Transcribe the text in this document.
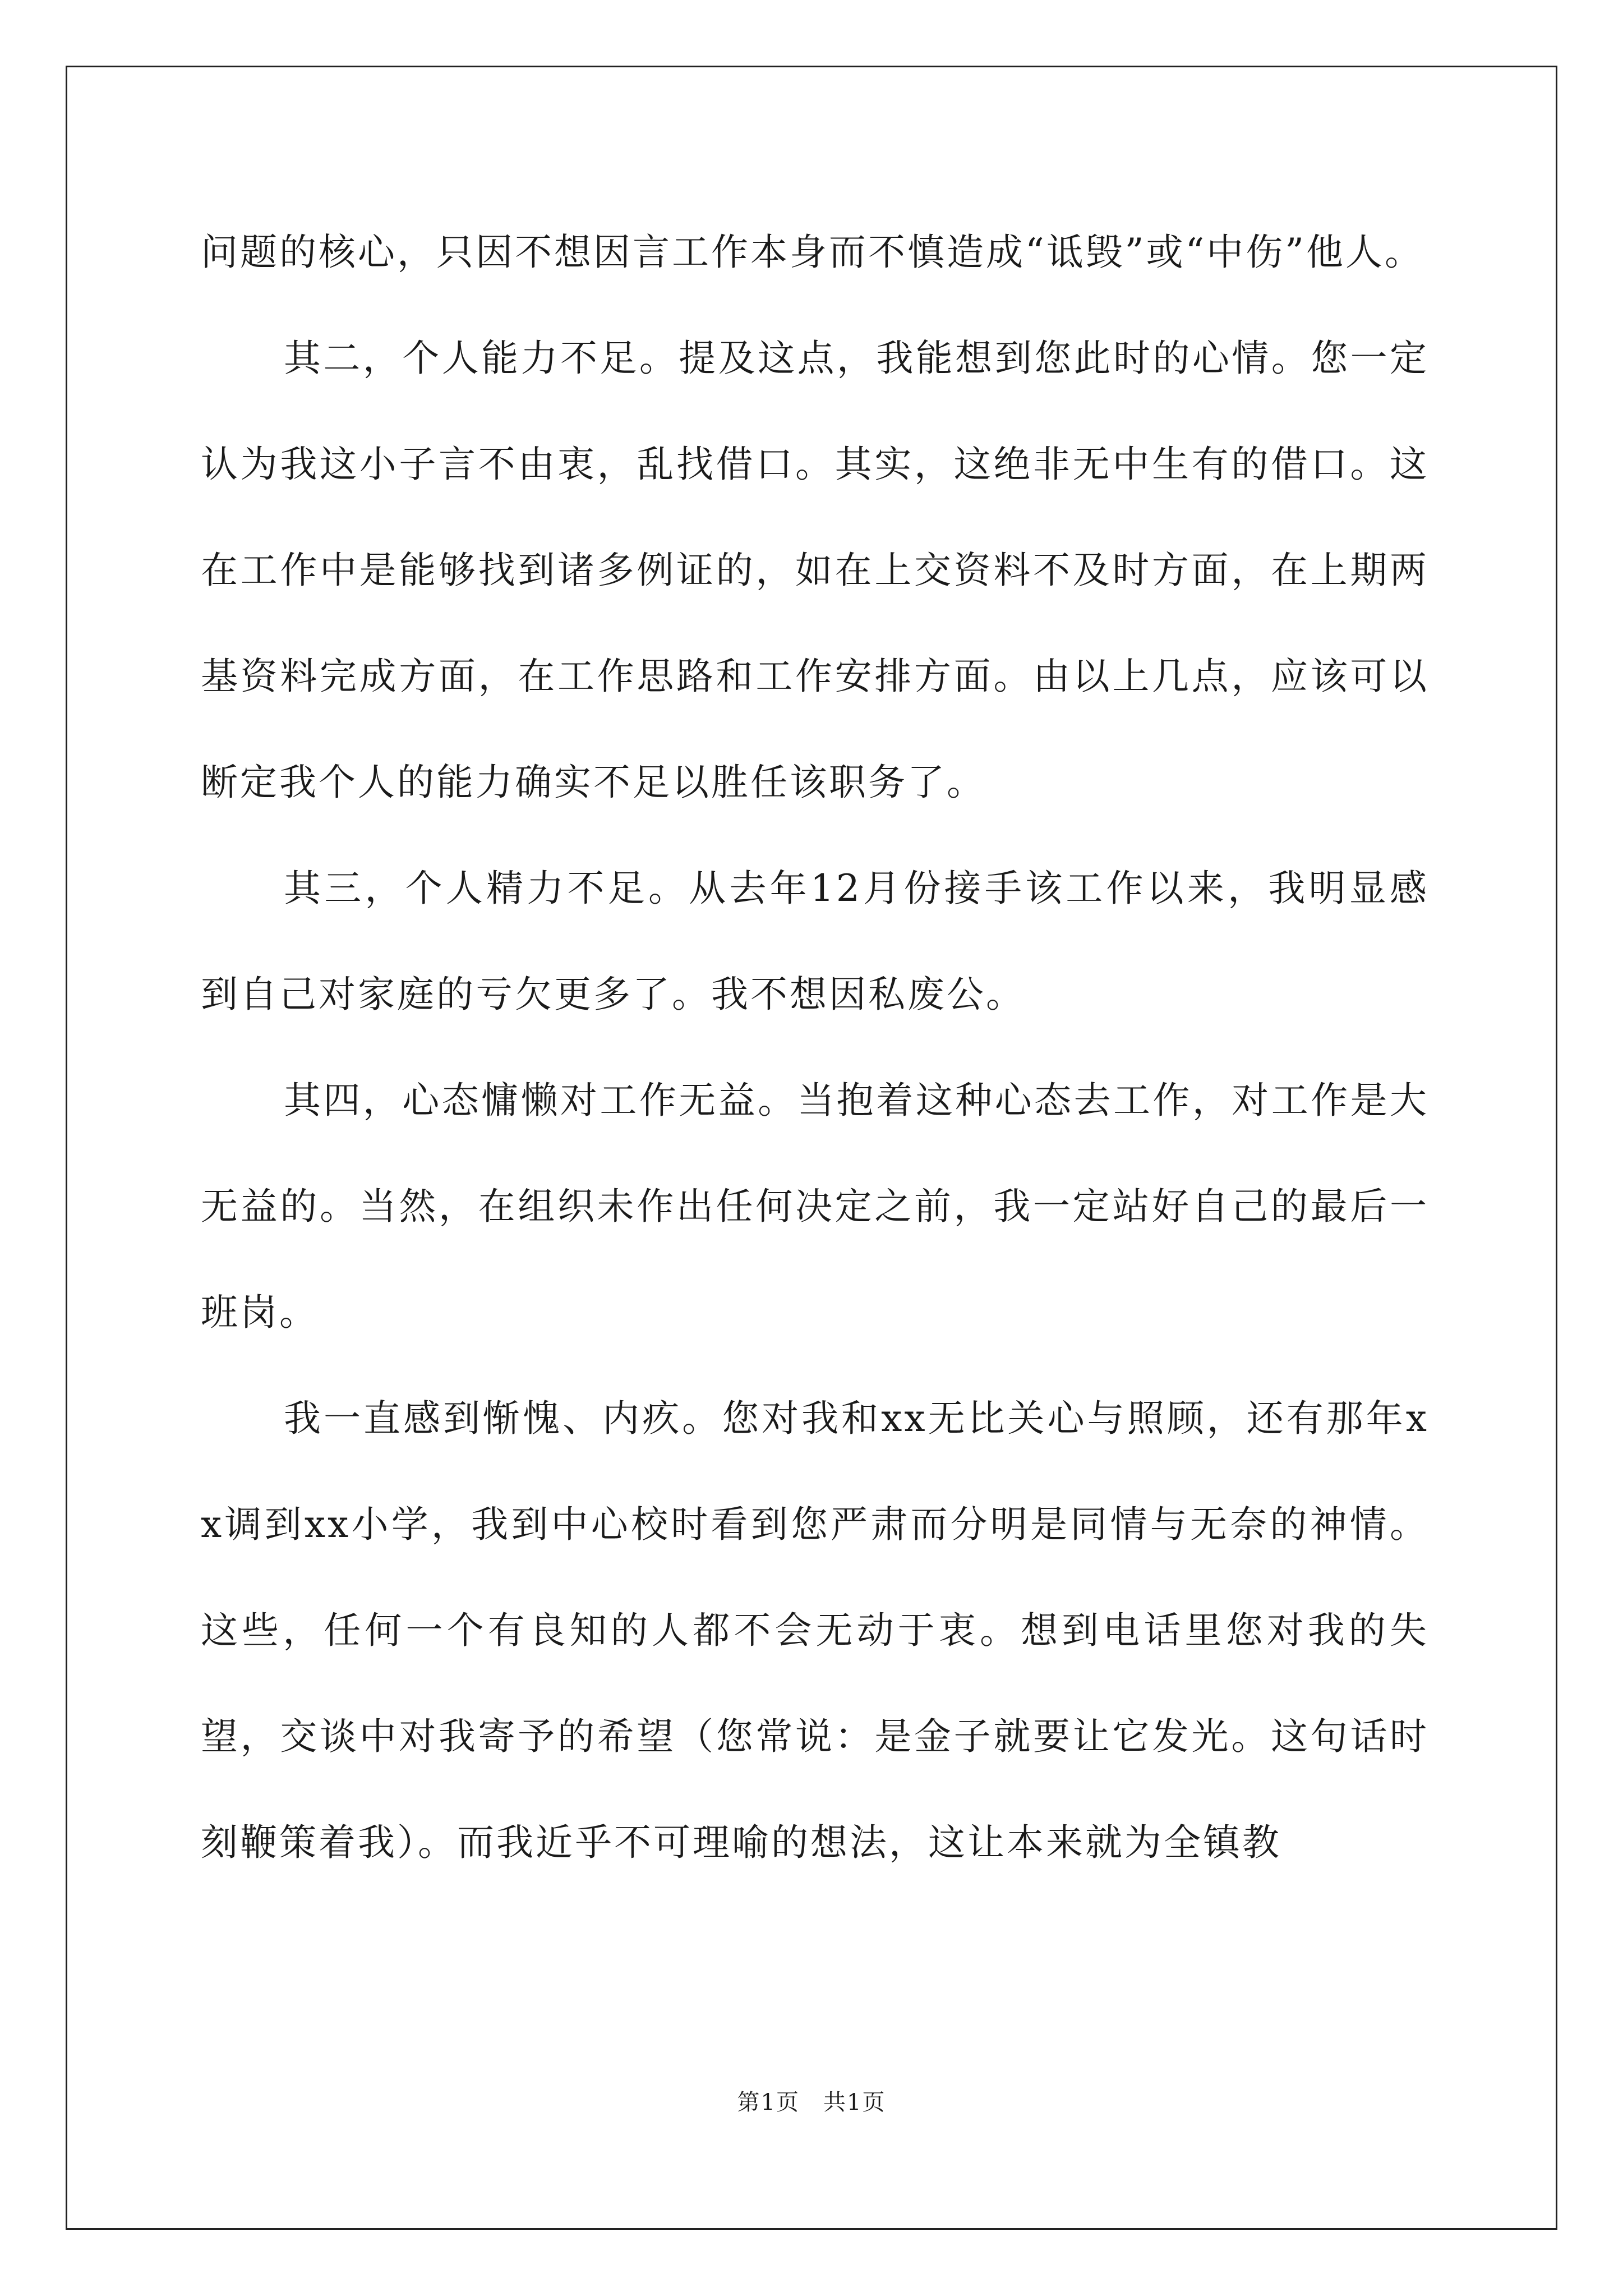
问题的核心，只因不想因言工作本身而不慎造成“诋毁”或“中伤”他人。

其二，个人能力不足。提及这点，我能想到您此时的心情。您一定认为我这小子言不由衷，乱找借口。其实，这绝非无中生有的借口。这在工作中是能够找到诸多例证的，如在上交资料不及时方面，在上期两基资料完成方面，在工作思路和工作安排方面。由以上几点，应该可以断定我个人的能力确实不足以胜任该职务了。

其三，个人精力不足。从去年12月份接手该工作以来，我明显感到自己对家庭的亏欠更多了。我不想因私废公。

其四，心态慵懒对工作无益。当抱着这种心态去工作，对工作是大无益的。当然，在组织未作出任何决定之前，我一定站好自己的最后一班岗。

我一直感到惭愧、内疚。您对我和xx无比关心与照顾，还有那年xx调到xx小学，我到中心校时看到您严肃而分明是同情与无奈的神情。这些，任何一个有良知的人都不会无动于衷。想到电话里您对我的失望，交谈中对我寄予的希望（您常说：是金子就要让它发光。这句话时刻鞭策着我）。而我近乎不可理喻的想法，这让本来就为全镇教

第1页　共1页
